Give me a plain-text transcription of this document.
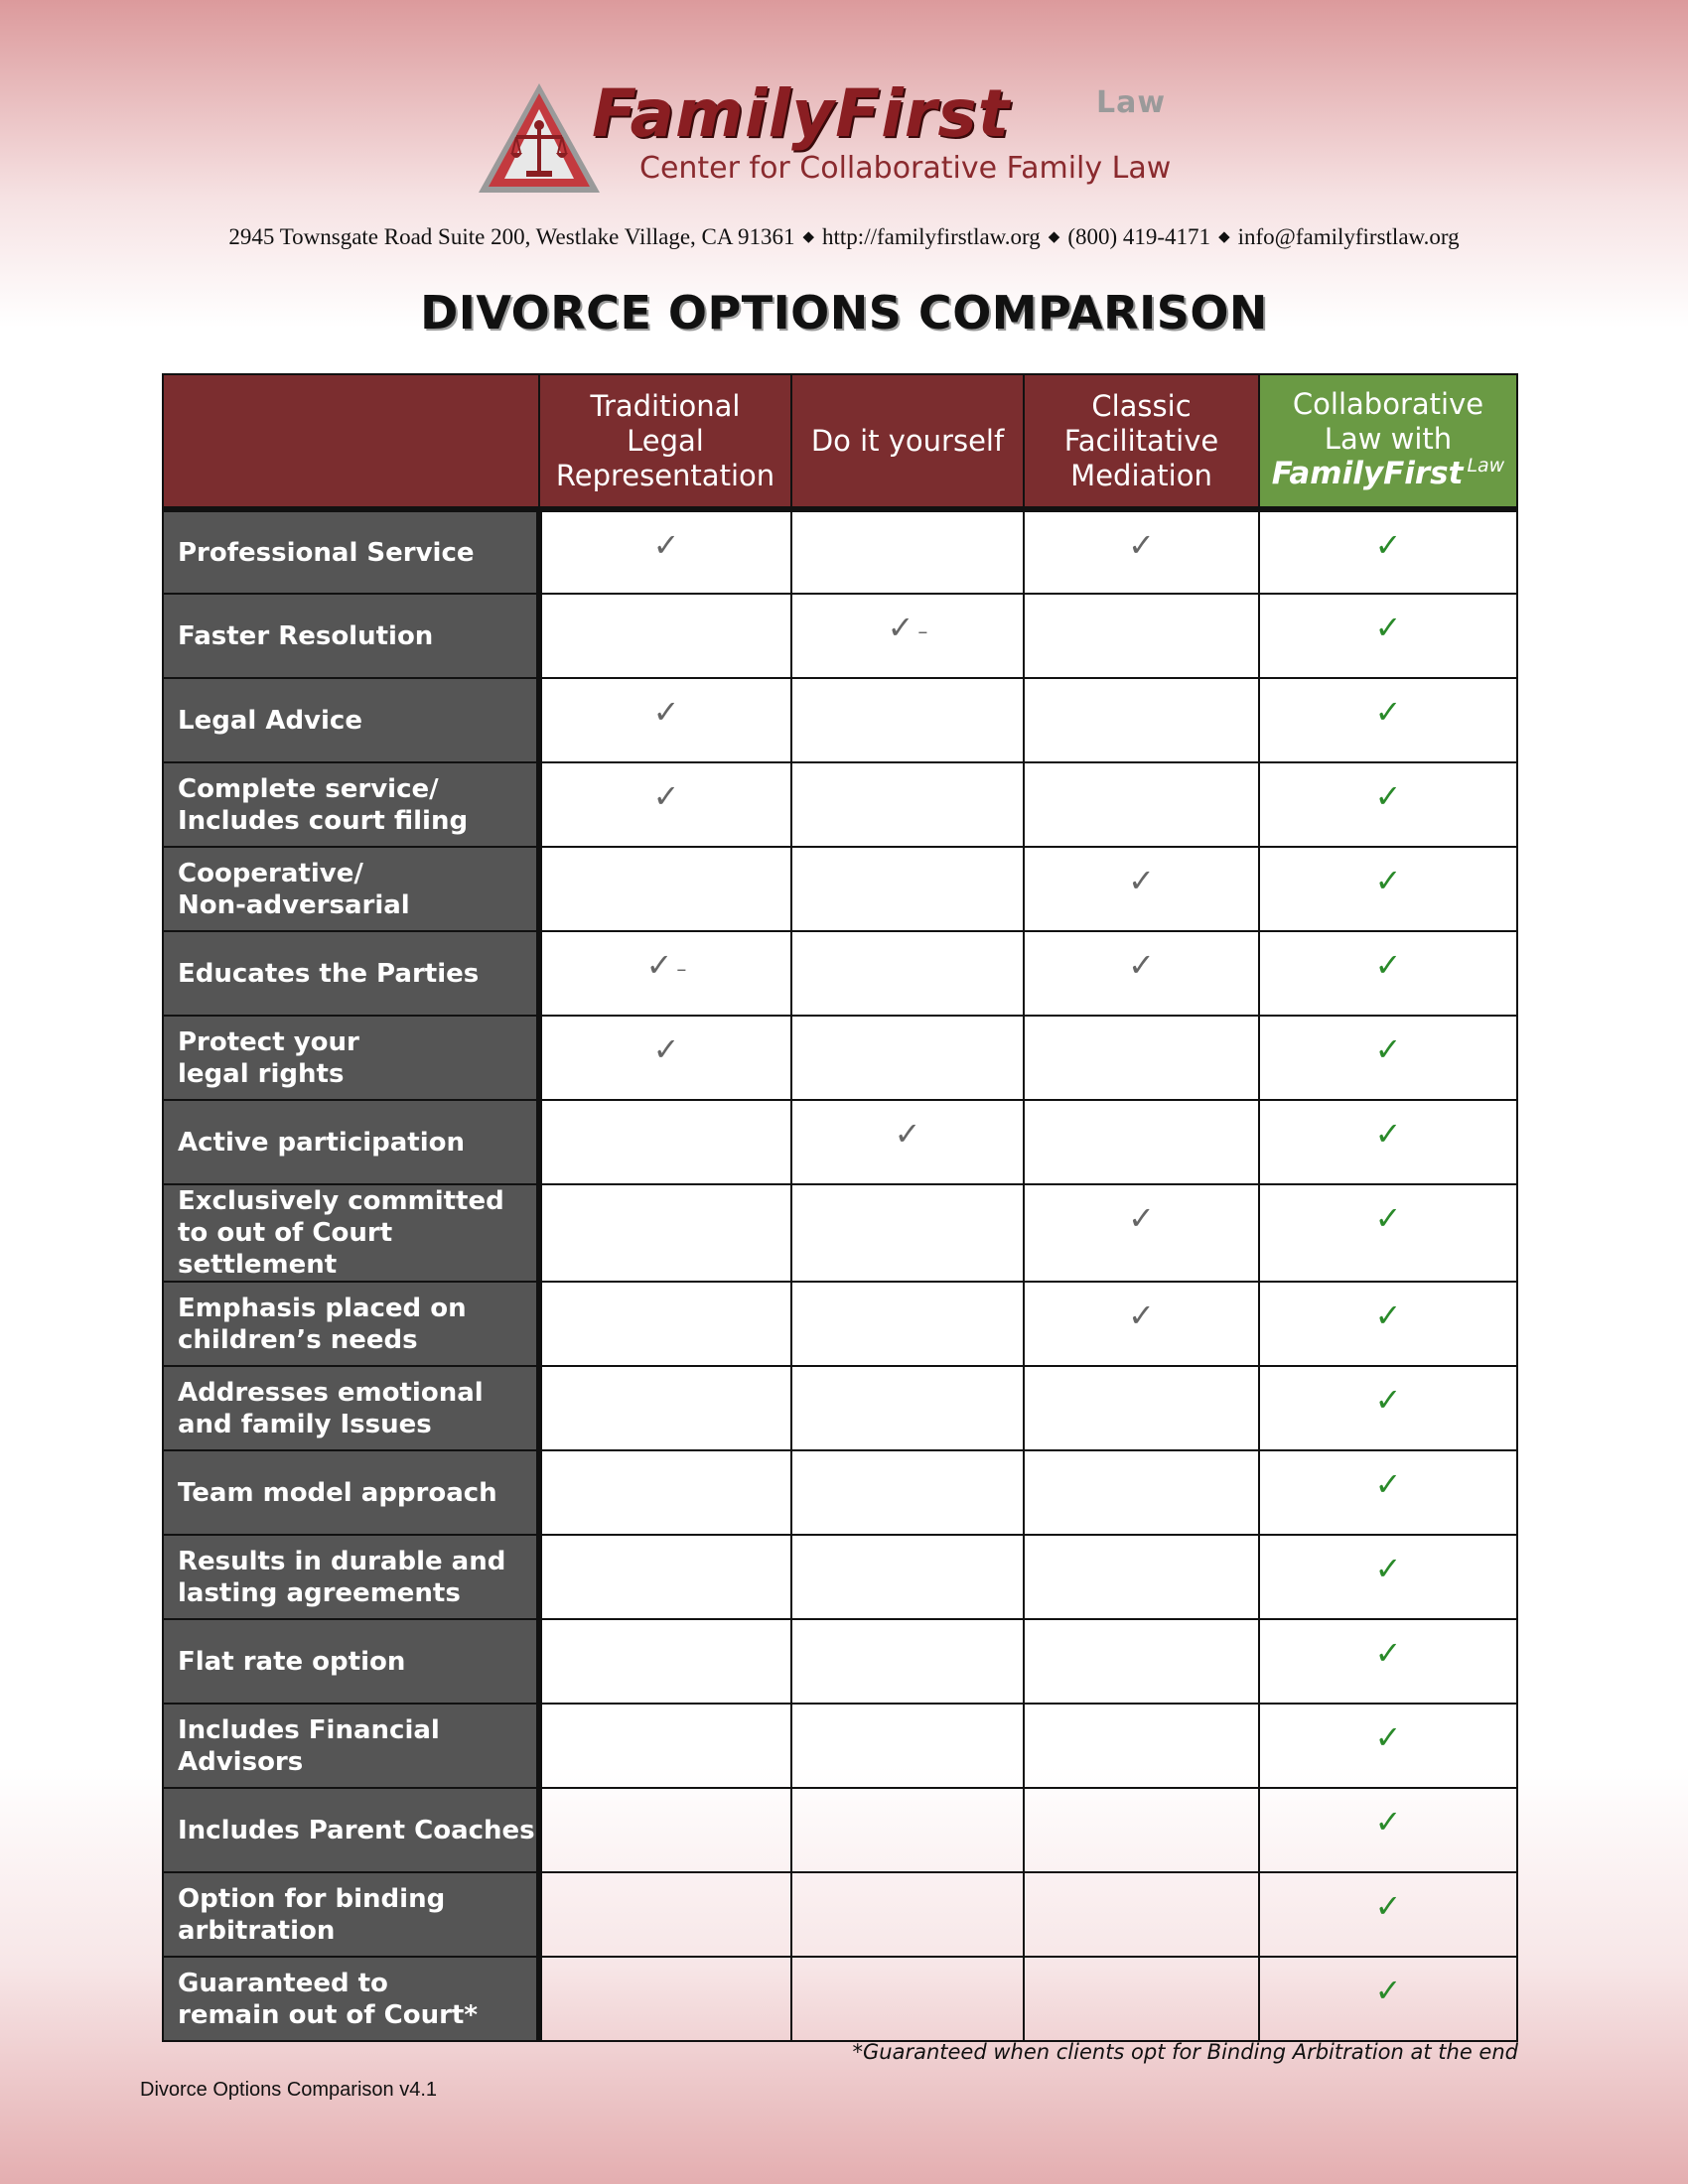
FamilyFirst	Law
Center for Collaborative Family Law
2945 Townsgate Road Suite 200, Westlake Village, CA 91361 ◆ http://familyfirstlaw.org ◆ (800) 419-4171 ◆ info@familyfirstlaw.org
DIVORCE OPTIONS COMPARISON
	Traditional
Legal
Representation	Do it yourself	Classic
Facilitative
Mediation	Collaborative
Law with
FamilyFirst $^{Law}$
Professional Service	✓		✓	✓
Faster Resolution		✓ –		✓
Legal Advice	✓			✓
Complete service/
Includes court filing	✓			✓
Cooperative/
Non-adversarial			✓	✓
Educates the Parties	✓ –		✓	✓
Protect your
legal rights	✓			✓
Active participation		✓		✓
Exclusively committed
to out of Court settlement			✓	✓
Emphasis placed on
children’s needs			✓	✓
Addresses emotional
and family Issues				✓
Team model approach				✓
Results in durable and
lasting agreements				✓
Flat rate option				✓
Includes Financial
Advisors				✓
Includes Parent Coaches				✓
Option for binding
arbitration				✓
Guaranteed to
remain out of Court*				✓
*Guaranteed when clients opt for Binding Arbitration at the end
Divorce Options Comparison v4.1
